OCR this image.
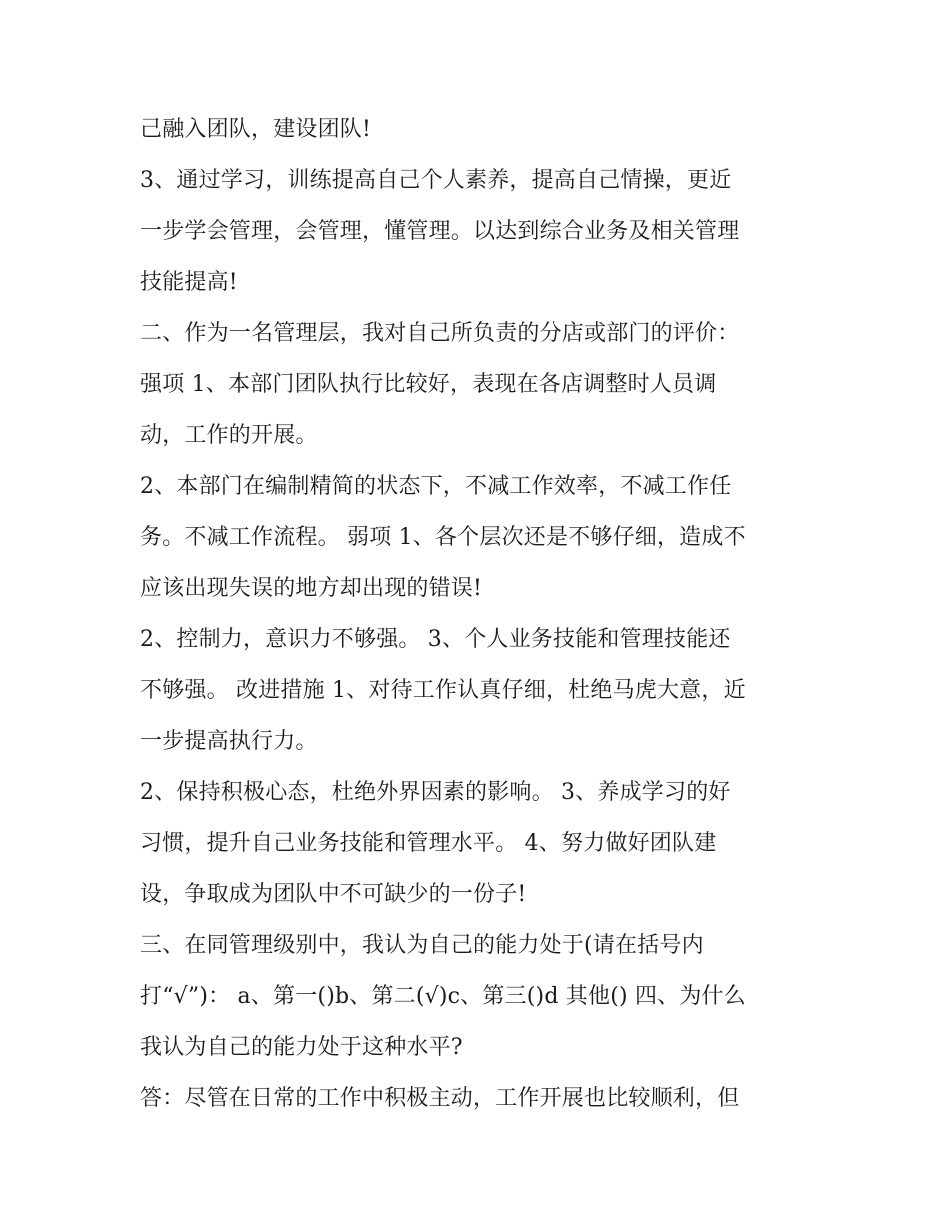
己融入团队，建设团队!
3、通过学习，训练提高自己个人素养，提高自己情操，更近
一步学会管理，会管理，懂管理。以达到综合业务及相关管理
技能提高!
二、作为一名管理层，我对自己所负责的分店或部门的评价：
强项 1、本部门团队执行比较好，表现在各店调整时人员调
动，工作的开展。
2、本部门在编制精简的状态下，不减工作效率，不减工作任
务。不减工作流程。 弱项 1、各个层次还是不够仔细，造成不
应该出现失误的地方却出现的错误!
2、控制力，意识力不够强。 3、个人业务技能和管理技能还
不够强。 改进措施 1、对待工作认真仔细，杜绝马虎大意，近
一步提高执行力。
2、保持积极心态，杜绝外界因素的影响。 3、养成学习的好
习惯，提升自己业务技能和管理水平。 4、努力做好团队建
设，争取成为团队中不可缺少的一份子!
三、在同管理级别中，我认为自己的能力处于(请在括号内
打“√”)： a、第一()b、第二(√)c、第三()d 其他() 四、为什么
我认为自己的能力处于这种水平?
答：尽管在日常的工作中积极主动，工作开展也比较顺利，但
